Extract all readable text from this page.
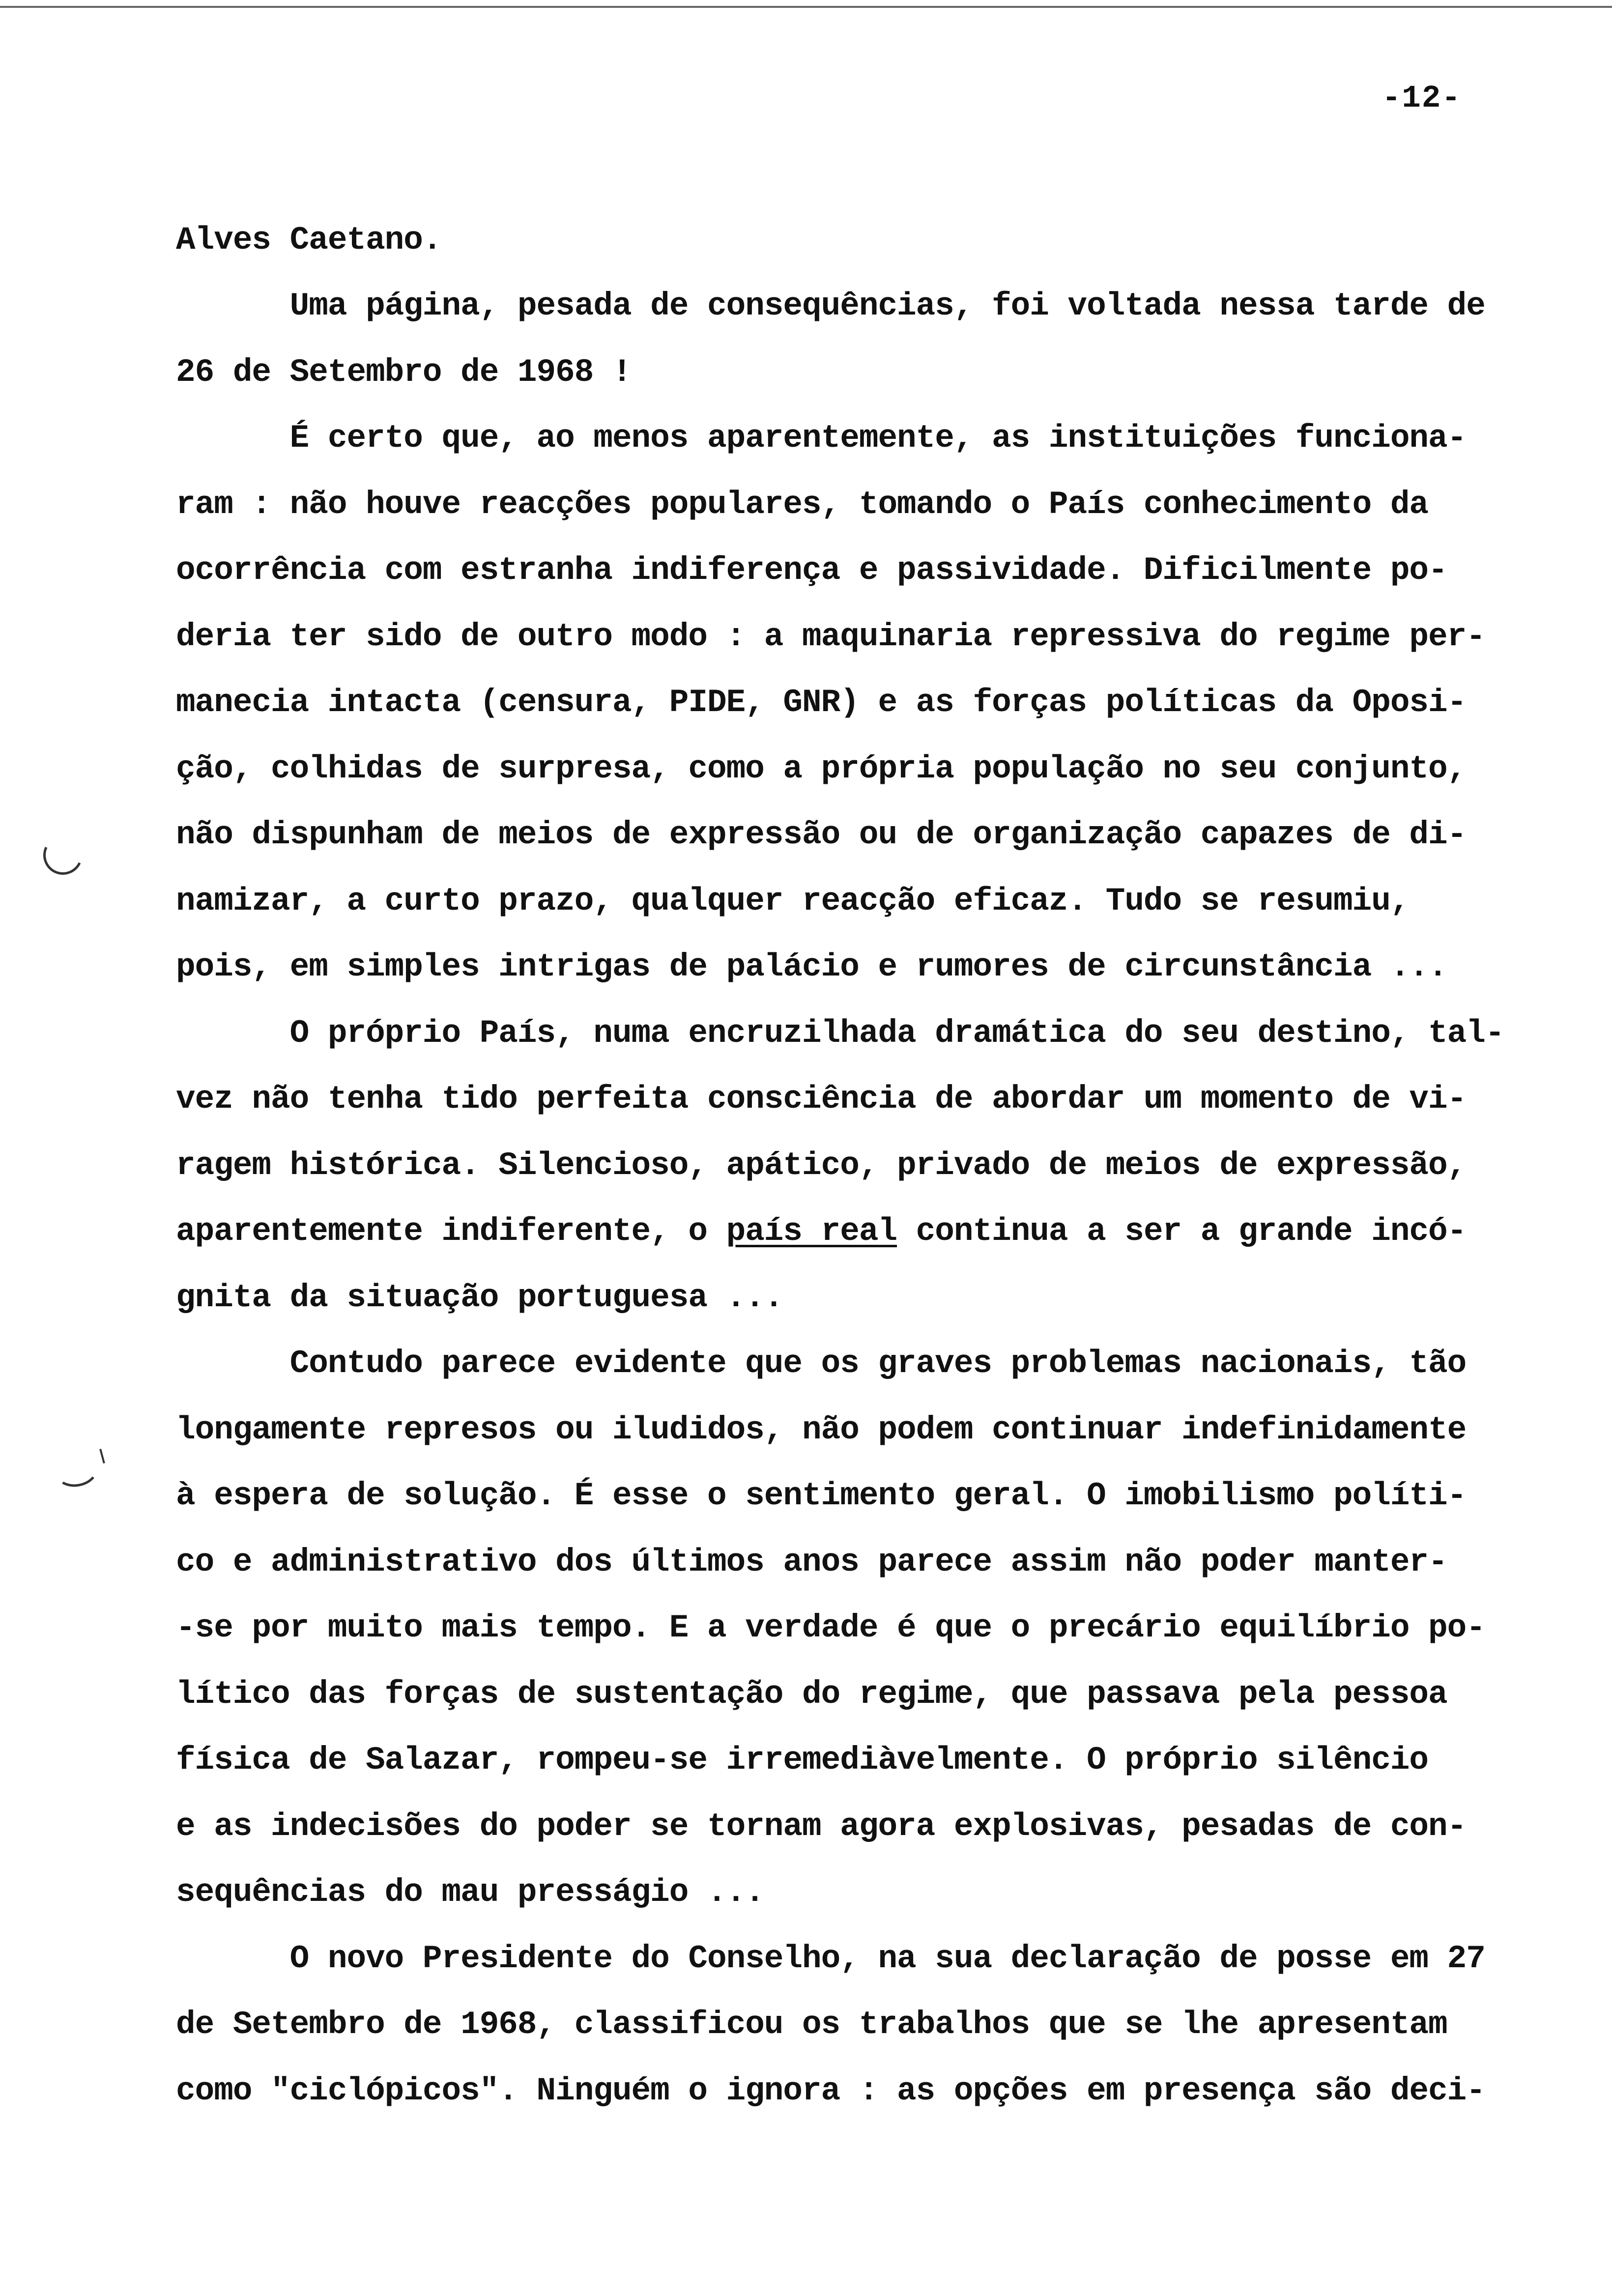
-12-

Alves Caetano.

Uma página, pesada de consequências, foi voltada nessa tarde de

26 de Setembro de 1968 !

É certo que, ao menos aparentemente, as instituições funciona-

ram : não houve reacções populares, tomando o País conhecimento da

ocorrência com estranha indiferença e passividade. Dificilmente po-

deria ter sido de outro modo : a maquinaria repressiva do regime per-

manecia intacta (censura, PIDE, GNR) e as forças políticas da Oposi-

ção, colhidas de surpresa, como a própria população no seu conjunto,

não dispunham de meios de expressão ou de organização capazes de di-

namizar, a curto prazo, qualquer reacção eficaz. Tudo se resumiu,

pois, em simples intrigas de palácio e rumores de circunstância ...

O próprio País, numa encruzilhada dramática do seu destino, tal-

vez não tenha tido perfeita consciência de abordar um momento de vi-

ragem histórica. Silencioso, apático, privado de meios de expressão,

aparentemente indiferente, o país real continua a ser a grande incó-

gnita da situação portuguesa ...

Contudo parece evidente que os graves problemas nacionais, tão

longamente represos ou iludidos, não podem continuar indefinidamente

à espera de solução. É esse o sentimento geral. O imobilismo políti-

co e administrativo dos últimos anos parece assim não poder manter-

-se por muito mais tempo. E a verdade é que o precário equilíbrio po-

lítico das forças de sustentação do regime, que passava pela pessoa

física de Salazar, rompeu-se irremediàvelmente. O próprio silêncio

e as indecisões do poder se tornam agora explosivas, pesadas de con-

sequências do mau presságio ...

O novo Presidente do Conselho, na sua declaração de posse em 27

de Setembro de 1968, classificou os trabalhos que se lhe apresentam

como "ciclópicos". Ninguém o ignora : as opções em presença são deci-
